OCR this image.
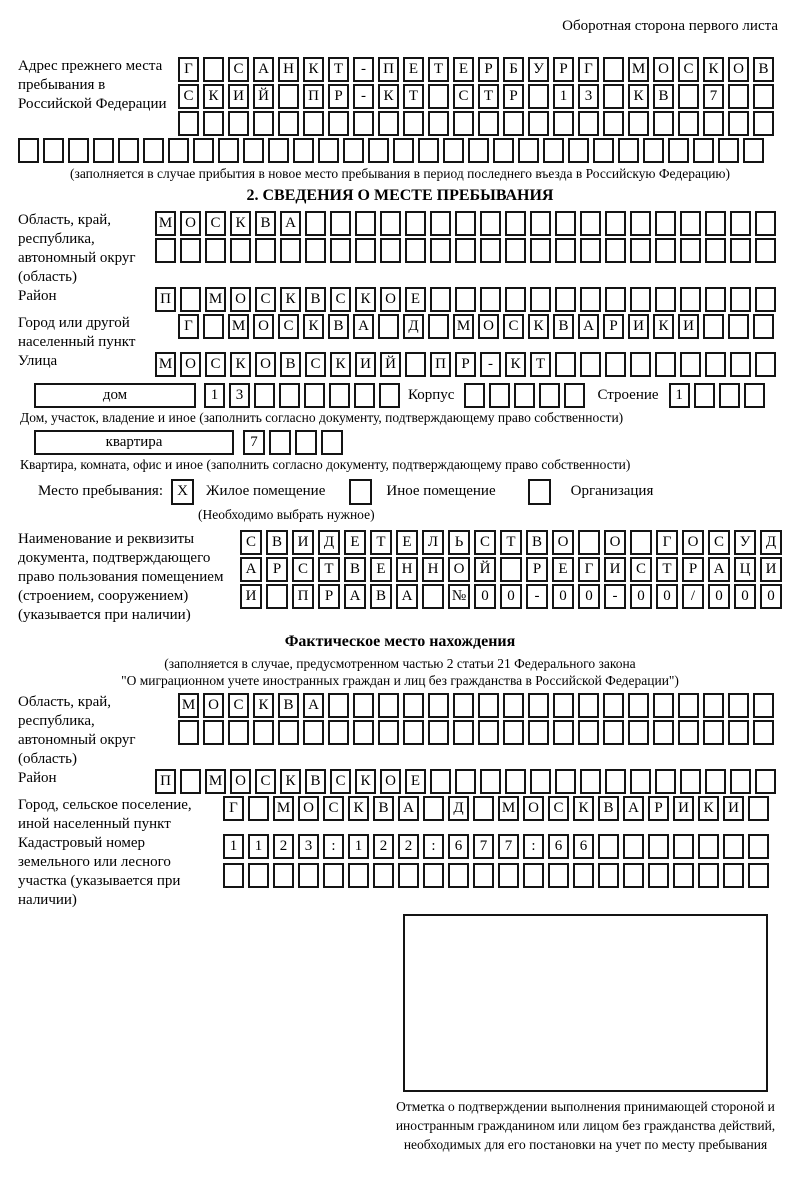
Оборотная сторона первого листа
Адрес прежнего места пребывания в Российской Федерации
Г	С А Н К	Т	-	П Е	Т	Е	Р	Б	У	Р	Г	М О С К О В
С К И Й	П	Р	-	К	Т	С	Т	Р	1	3	К В	7
(заполняется в случае прибытия в новое место пребывания в период последнего въезда в Российскую Федерацию)
2. СВЕДЕНИЯ О МЕСТЕ ПРЕБЫВАНИЯ
Область, край, республика, автономный округ (область)
М О С К В А
Район	П	М О С К В С К О Е
Город или другой населенный пункт
Г	М О С К В А	Д	М О С К В А	Р	И К И
Улица	М О С К О В С К И Й	П	Р	-	К	Т
дом	1	3	Корпус	Строение	1
Дом, участок, владение и иное (заполнить согласно документу, подтверждающему право собственности)
квартира	7
Квартира, комната, офис и иное (заполнить согласно документу, подтверждающему право собственности)
Место пребывания: X	Жилое помещение	Иное помещение	Организация
(Необходимо выбрать нужное)
Наименование и реквизиты документа, подтверждающего право пользования помещением (строением, сооружением) (указывается при наличии)
С	В	И	Д	Е	Т	Е	Л	Ь	С	Т	В	О	О	Г	О	С	У	Д
А	Р	С	Т	В	Е	Н	Н	О	Й	Р	Е	Г	И	С	Т	Р	А	Ц	И
И	П	Р	А	В	А	№	0	0	-	0	0	-	0	0	/	0	0	0
Фактическое место нахождения
(заполняется в случае, предусмотренном частью 2 статьи 21 Федерального закона
"О миграционном учете иностранных граждан и лиц без гражданства в Российской Федерации")
Область, край, республика, автономный округ (область)
М О С К В А
Район	П	М О С К В С К О Е
Город, сельское поселение, иной населенный пункт
Г	М О С К В А	Д	М О С К В А	Р	И К И
Кадастровый номер земельного или лесного участка (указывается при наличии)
1	1	2	3	:	1	2	2	:	6	7	7	:	6	6
Отметка о подтверждении выполнения принимающей стороной и иностранным гражданином или лицом без гражданства действий, необходимых для его постановки на учет по месту пребывания
